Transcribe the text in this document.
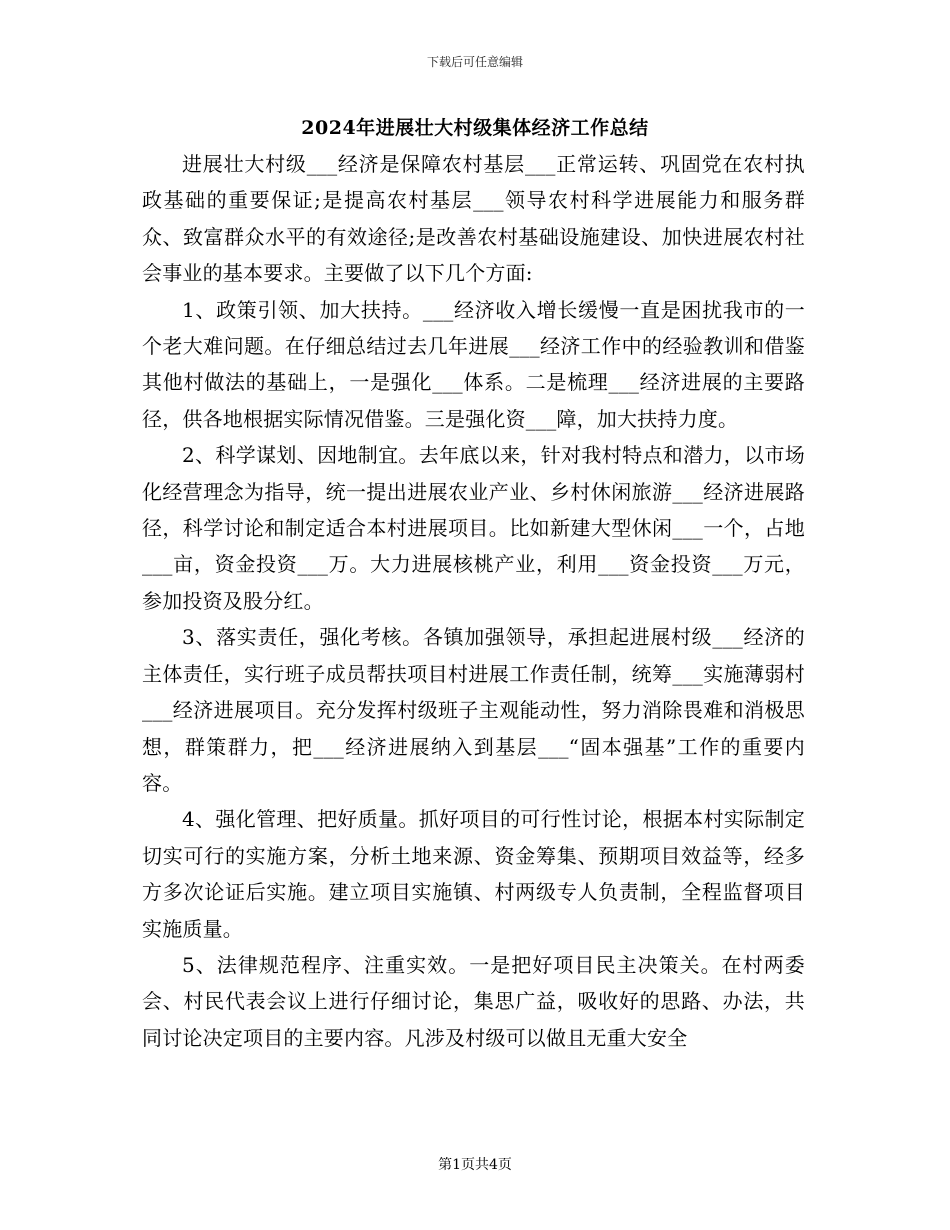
下载后可任意编辑
2024年进展壮大村级集体经济工作总结

进展壮大村级___经济是保障农村基层___正常运转、巩固党在农村执政基础的重要保证;是提高农村基层___领导农村科学进展能力和服务群众、致富群众水平的有效途径;是改善农村基础设施建设、加快进展农村社会事业的基本要求。主要做了以下几个方面:

1、政策引领、加大扶持。___经济收入增长缓慢一直是困扰我市的一个老大难问题。在仔细总结过去几年进展___经济工作中的经验教训和借鉴其他村做法的基础上，一是强化___体系。二是梳理___经济进展的主要路径，供各地根据实际情况借鉴。三是强化资___障，加大扶持力度。

2、科学谋划、因地制宜。去年底以来，针对我村特点和潜力，以市场化经营理念为指导，统一提出进展农业产业、乡村休闲旅游___经济进展路径，科学讨论和制定适合本村进展项目。比如新建大型休闲___一个，占地___亩，资金投资___万。大力进展核桃产业，利用___资金投资___万元，参加投资及股分红。

3、落实责任，强化考核。各镇加强领导，承担起进展村级___经济的主体责任，实行班子成员帮扶项目村进展工作责任制，统筹___实施薄弱村___经济进展项目。充分发挥村级班子主观能动性，努力消除畏难和消极思想，群策群力，把___经济进展纳入到基层___“固本强基”工作的重要内容。

4、强化管理、把好质量。抓好项目的可行性讨论，根据本村实际制定切实可行的实施方案，分析土地来源、资金筹集、预期项目效益等，经多方多次论证后实施。建立项目实施镇、村两级专人负责制，全程监督项目实施质量。

5、法律规范程序、注重实效。一是把好项目民主决策关。在村两委会、村民代表会议上进行仔细讨论，集思广益，吸收好的思路、办法，共同讨论决定项目的主要内容。凡涉及村级可以做且无重大安全

第1页共4页
